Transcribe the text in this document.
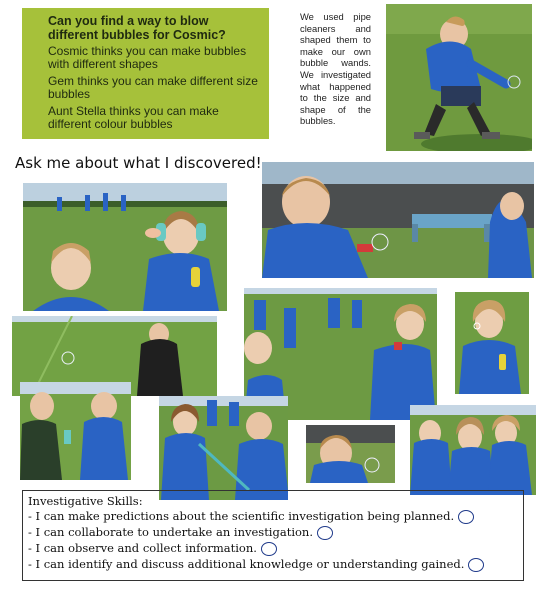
Can you find a way to blow different bubbles for Cosmic?

Cosmic thinks you can make bubbles with different shapes

Gem thinks you can make different size bubbles

Aunt Stella thinks you can make different colour bubbles

We used pipe cleaners and shaped them to make our own bubble wands. We investigated what happened to the size and shape of the bubbles.
Ask me about what I discovered!
Investigative Skills:
- I can make predictions about the scientific investigation being planned.
- I can collaborate to undertake an investigation.
- I can observe and collect information.
- I can identify and discuss additional knowledge or understanding gained.
